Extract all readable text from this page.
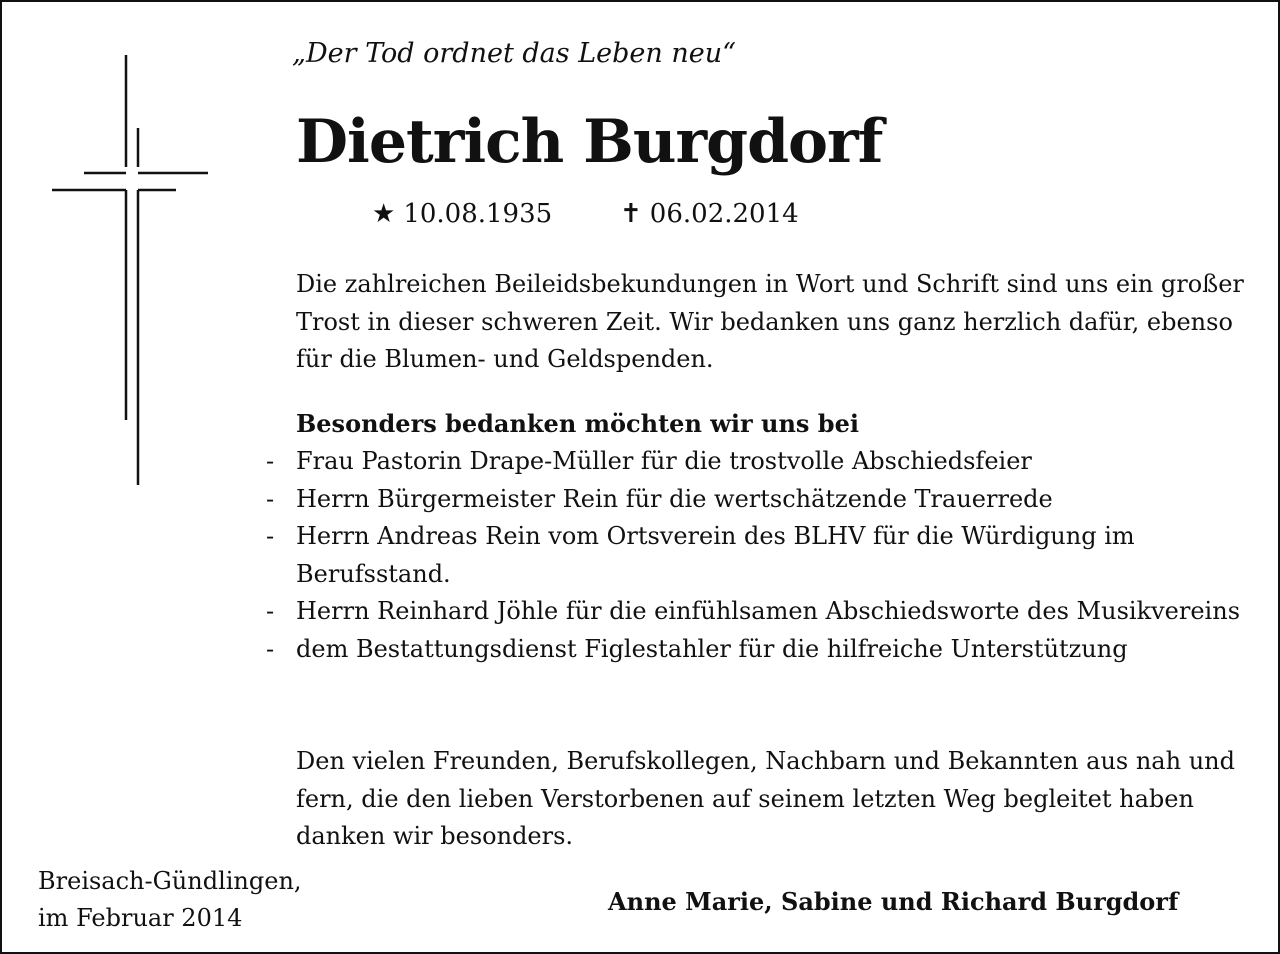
„Der Tod ordnet das Leben neu“
Dietrich Burgdorf
★ 10.08.1935	✝ 06.02.2014

Die zahlreichen Beileidsbekundungen in Wort und Schrift sind uns ein großer Trost in dieser schweren Zeit. Wir bedanken uns ganz herzlich dafür, ebenso für die Blumen- und Geldspenden.

Besonders bedanken möchten wir uns bei
- Frau Pastorin Drape-Müller für die trostvolle Abschiedsfeier
- Herrn Bürgermeister Rein für die wertschätzende Trauerrede
- Herrn Andreas Rein vom Ortsverein des BLHV für die Würdigung im Berufsstand.
- Herrn Reinhard Jöhle für die einfühlsamen Abschiedsworte des Musikvereins
- dem Bestattungsdienst Figlestahler für die hilfreiche Unterstützung

Den vielen Freunden, Berufskollegen, Nachbarn und Bekannten aus nah und fern, die den lieben Verstorbenen auf seinem letzten Weg begleitet haben danken wir besonders.

Breisach-Gündlingen,

im Februar 2014

Anne Marie, Sabine und Richard Burgdorf
